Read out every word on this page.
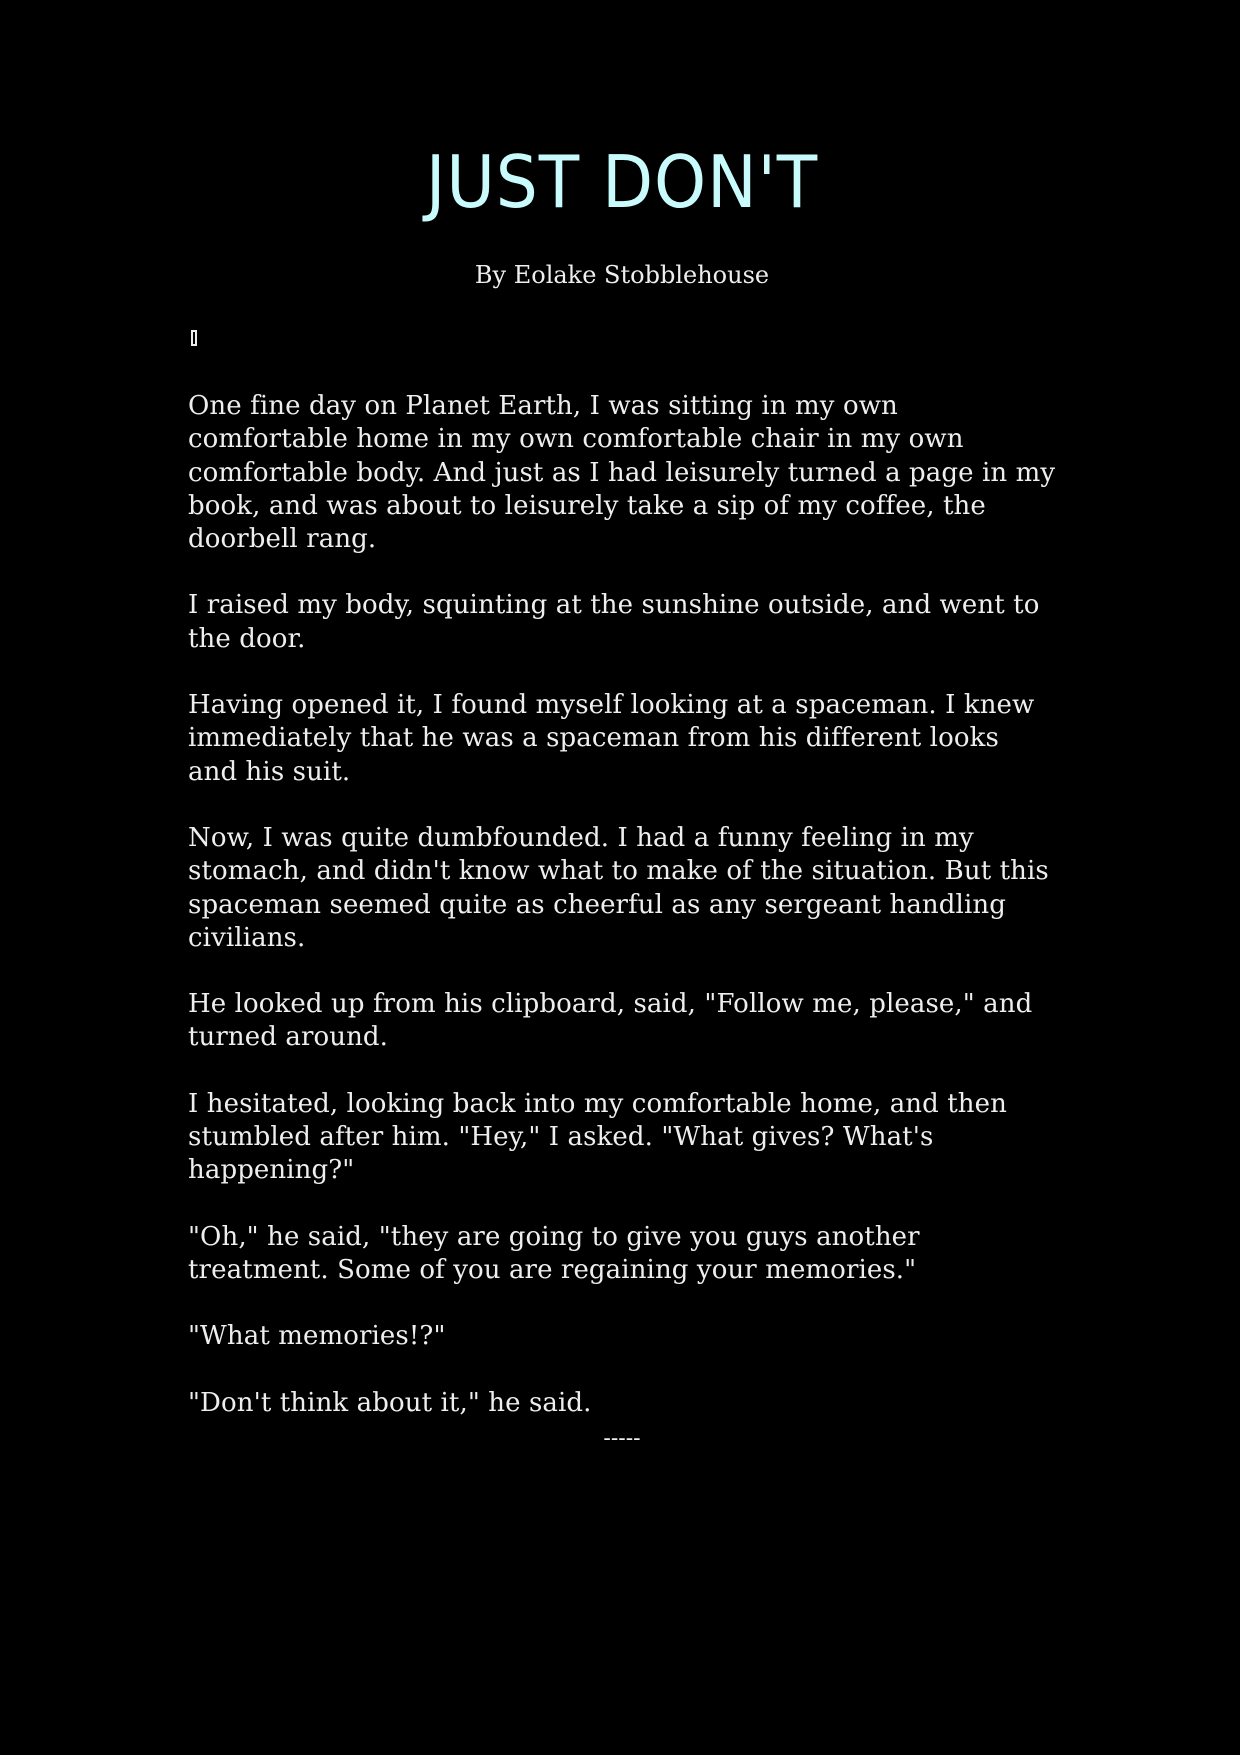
JUST DON'T
By Eolake Stobblehouse

One fine day on Planet Earth, I was sitting in my own comfortable home in my own comfortable chair in my own comfortable body. And just as I had leisurely turned a page in my book, and was about to leisurely take a sip of my coffee, the doorbell rang.

I raised my body, squinting at the sunshine outside, and went to the door.

Having opened it, I found myself looking at a spaceman. I knew immediately that he was a spaceman from his different looks and his suit.

Now, I was quite dumbfounded. I had a funny feeling in my stomach, and didn't know what to make of the situation. But this spaceman seemed quite as cheerful as any sergeant handling civilians.

He looked up from his clipboard, said, "Follow me, please," and turned around.

I hesitated, looking back into my comfortable home, and then stumbled after him. "Hey," I asked. "What gives? What's happening?"

"Oh," he said, "they are going to give you guys another treatment. Some of you are regaining your memories."

"What memories!?"

"Don't think about it," he said.

-----
